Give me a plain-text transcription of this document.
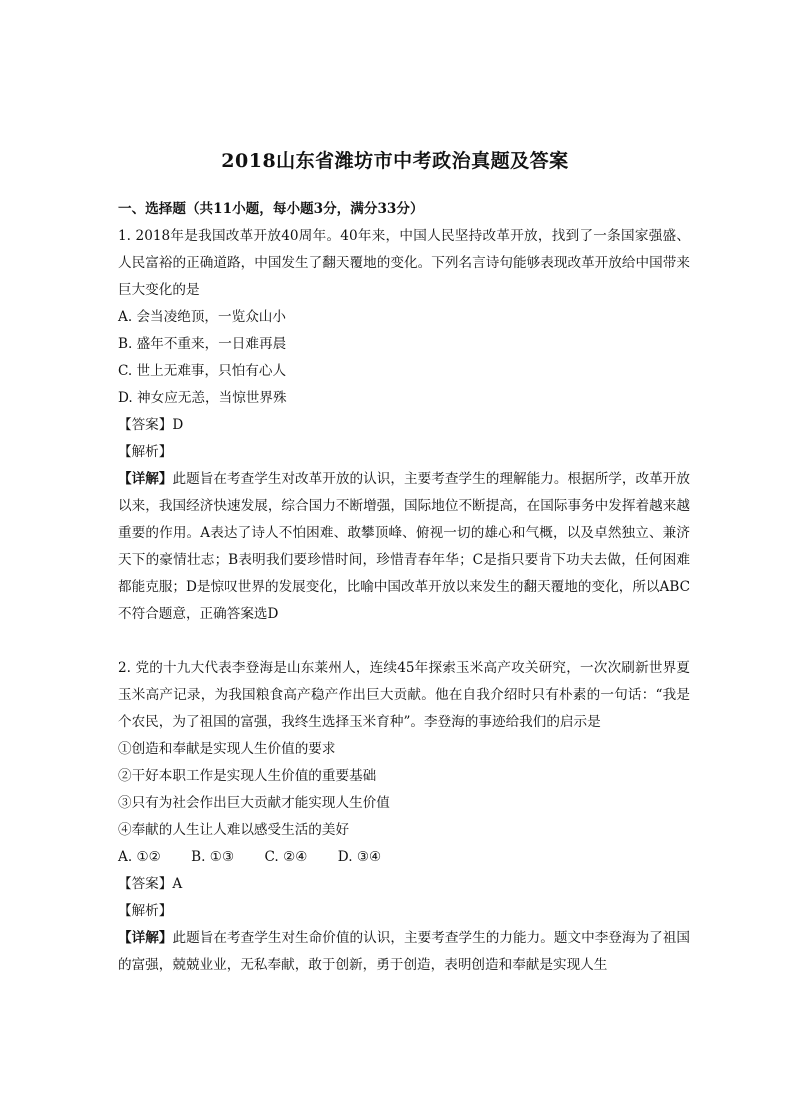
2018山东省潍坊市中考政治真题及答案

一、选择题（共11小题，每小题3分，满分33分）

1. 2018年是我国改革开放40周年。40年来，中国人民坚持改革开放，找到了一条国家强盛、人民富裕的正确道路，中国发生了翻天覆地的变化。下列名言诗句能够表现改革开放给中国带来巨大变化的是

A. 会当凌绝顶，一览众山小

B. 盛年不重来，一日难再晨

C. 世上无难事，只怕有心人

D. 神女应无恙，当惊世界殊

【答案】D

【解析】

【详解】此题旨在考查学生对改革开放的认识，主要考查学生的理解能力。根据所学，改革开放以来，我国经济快速发展，综合国力不断增强，国际地位不断提高，在国际事务中发挥着越来越重要的作用。A表达了诗人不怕困难、敢攀顶峰、俯视一切的雄心和气概，以及卓然独立、兼济天下的豪情壮志；B表明我们要珍惜时间，珍惜青春年华；C是指只要肯下功夫去做，任何困难都能克服；D是惊叹世界的发展变化，比喻中国改革开放以来发生的翻天覆地的变化，所以ABC不符合题意，正确答案选D

2. 党的十九大代表李登海是山东莱州人，连续45年探索玉米高产攻关研究，一次次刷新世界夏玉米高产记录，为我国粮食高产稳产作出巨大贡献。他在自我介绍时只有朴素的一句话：“我是个农民，为了祖国的富强，我终生选择玉米育种”。李登海的事迹给我们的启示是

①创造和奉献是实现人生价值的要求

②干好本职工作是实现人生价值的重要基础

③只有为社会作出巨大贡献才能实现人生价值

④奉献的人生让人难以感受生活的美好

A. ①② B. ①③ C. ②④ D. ③④

【答案】A

【解析】

【详解】此题旨在考查学生对生命价值的认识，主要考查学生的力能力。题文中李登海为了祖国的富强，兢兢业业，无私奉献，敢于创新，勇于创造，表明创造和奉献是实现人生
